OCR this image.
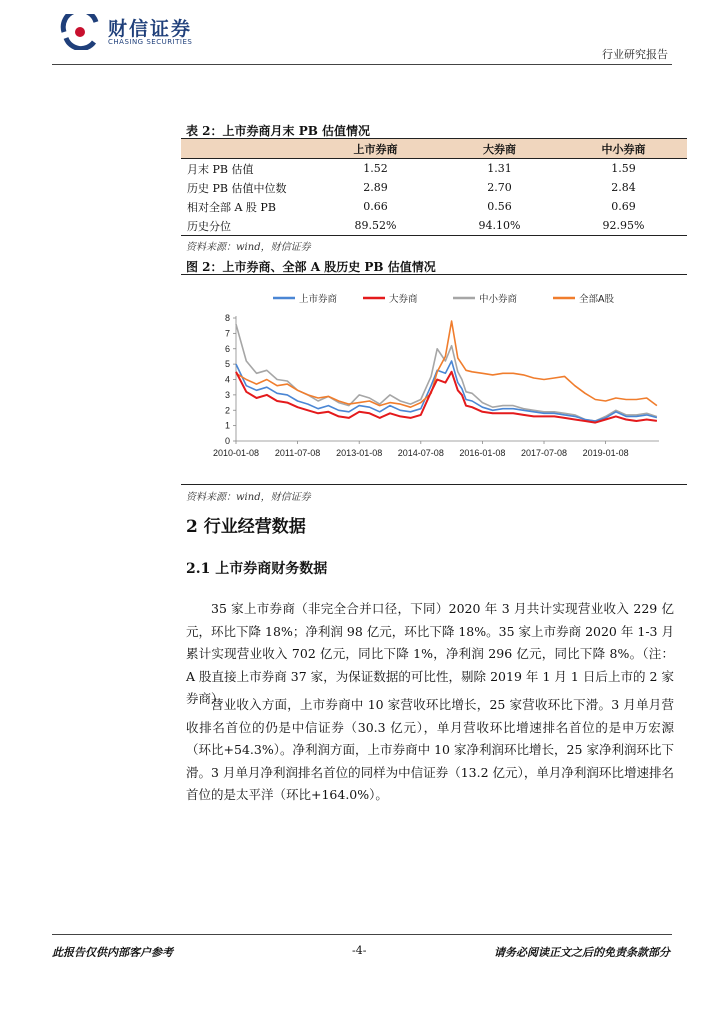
财信证券
CHASING SECURITIES
行业研究报告
表 2：上市券商月末 PB 估值情况
	上市券商	大券商	中小券商
月末 PB 估值	1.52	1.31	1.59
历史 PB 估值中位数	2.89	2.70	2.84
相对全部 A 股 PB	0.66	0.56	0.69
历史分位	89.52%	94.10%	92.95%
资料来源：wind，财信证券
图 2：上市券商、全部 A 股历史 PB 估值情况
0
1
2
3
4
5
6
7
8
2010-01-08 2011-07-08 2013-01-08 2014-07-08 2016-01-08 2017-07-08 2019-01-08
上市券商	大券商	中小券商	全部A股
资料来源：wind，财信证券
2 行业经营数据
2.1 上市券商财务数据
35 家上市券商（非完全合并口径，下同）2020 年 3 月共计实现营业收入 229 亿元，环比下降 18%；净利润 98 亿元，环比下降 18%。35 家上市券商 2020 年 1-3 月累计实现营业收入 702 亿元，同比下降 1%，净利润 296 亿元，同比下降 8%。（注：A 股直接上市券商 37 家，为保证数据的可比性，剔除 2019 年 1 月 1 日后上市的 2 家券商）。
营业收入方面，上市券商中 10 家营收环比增长，25 家营收环比下滑。3 月单月营收排名首位的仍是中信证券（30.3 亿元），单月营收环比增速排名首位的是申万宏源（环比+54.3%）。净利润方面，上市券商中 10 家净利润环比增长，25 家净利润环比下滑。3 月单月净利润排名首位的同样为中信证券（13.2 亿元），单月净利润环比增速排名首位的是太平洋（环比+164.0%）。
此报告仅供内部客户参考	-4-	请务必阅读正文之后的免责条款部分
